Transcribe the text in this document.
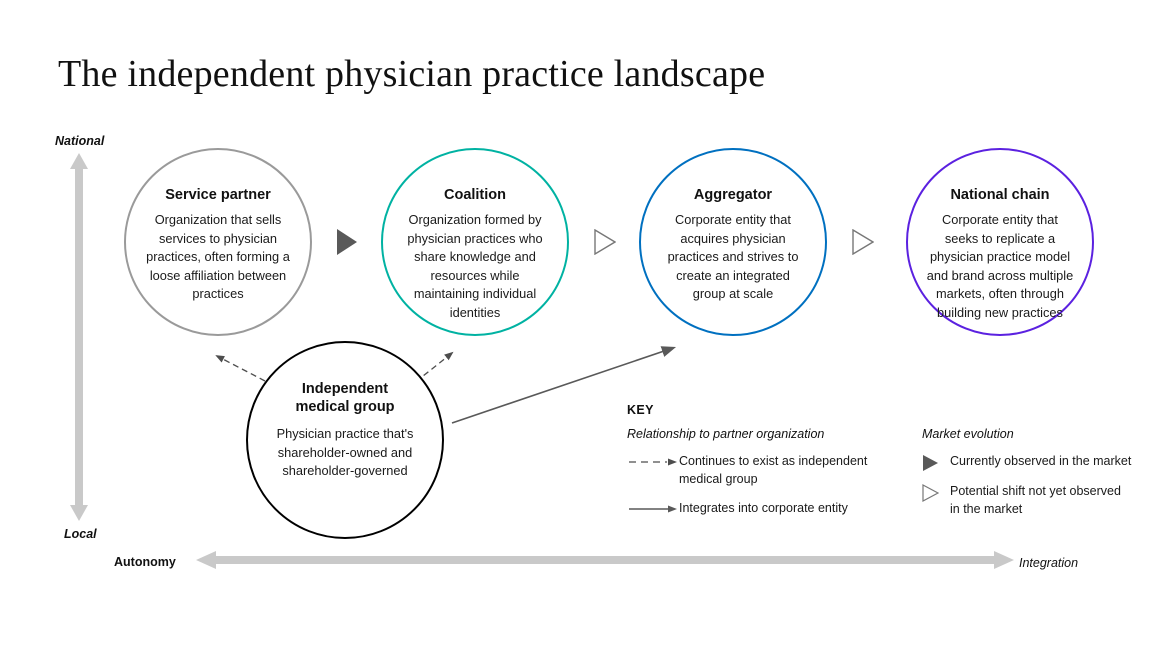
The independent physician practice landscape
National
Local
Autonomy	Integration
Service partner
Organization that sells services to physician practices, often forming a loose affiliation between practices
Coalition
Organization formed by physician practices who share knowledge and resources while maintaining individual identities
Aggregator
Corporate entity that acquires physician practices and strives to create an integrated group at scale
National chain
Corporate entity that seeks to replicate a physician practice model and brand across multiple markets, often through building new practices
Independent medical group
Physician practice that's shareholder-owned and shareholder-governed
KEY
Relationship to partner organization
Continues to exist as independent medical group
Integrates into corporate entity
Market evolution
Currently observed in the market
Potential shift not yet observed in the market
